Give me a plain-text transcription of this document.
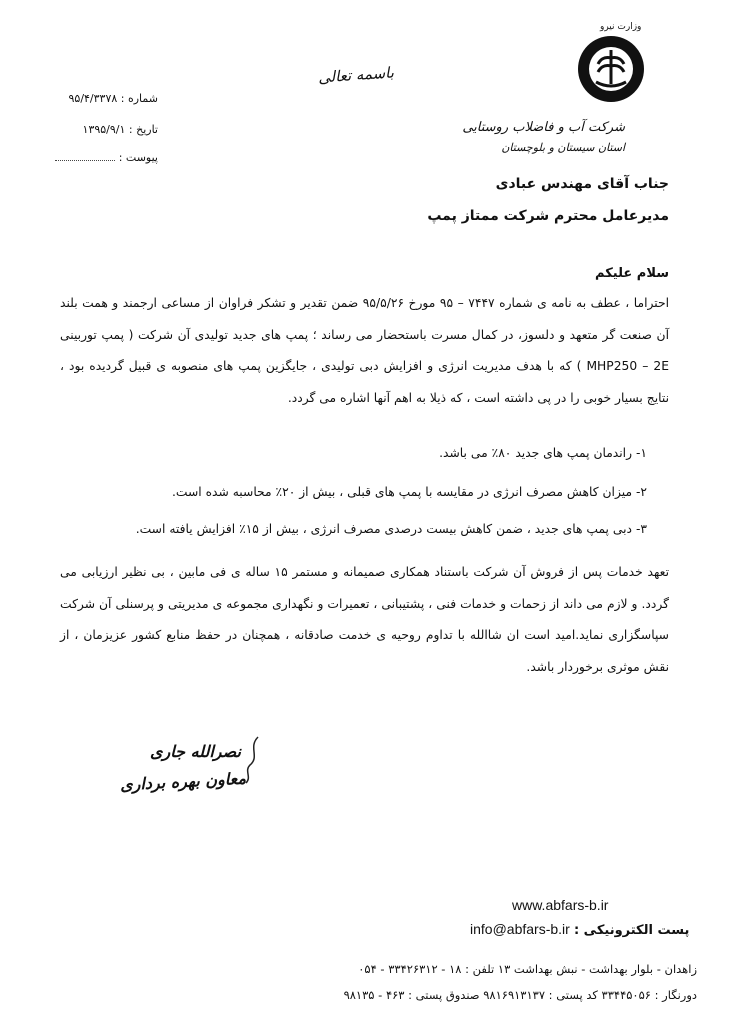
وزارت نیرو
شرکت آب و فاضلاب روستایی
استان سیستان و بلوچستان
باسمه تعالی
شماره : ۹۵/۴/۳۳۷۸
تاریخ : ۱۳۹۵/۹/۱
پیوست :
جناب آقای مهندس عبادی
مدیرعامل محترم شرکت ممتاز پمپ
سلام علیکم
احتراما ، عطف به نامه ی شماره ۷۴۴۷ – ۹۵ مورخ ۹۵/۵/۲۶ ضمن تقدیر و تشکر فراوان از مساعی ارجمند و همت بلند آن صنعت گر متعهد و دلسوز، در کمال مسرت باستحضار می رساند ؛ پمپ های جدید تولیدی آن شرکت ( پمپ توربینی MHP250 – 2E ) که با هدف مدیریت انرژی و افزایش دبی تولیدی ، جایگزین پمپ های منصوبه ی قبیل گردیده بود ، نتایج بسیار خوبی را در پی داشته است ، که ذیلا به اهم آنها اشاره می گردد.
۱- راندمان پمپ های جدید ۸۰٪ می باشد.
۲- میزان کاهش مصرف انرژی در مقایسه با پمپ های قبلی ، بیش از ۲۰٪ محاسبه شده است.
۳- دبی پمپ های جدید ، ضمن کاهش بیست درصدی مصرف انرژی ، بیش از ۱۵٪ افزایش یافته است.
تعهد خدمات پس از فروش آن شرکت باستناد همکاری صمیمانه و مستمر ۱۵ ساله ی فی مابین ، بی نظیر ارزیابی می گردد. و لازم می داند از زحمات و خدمات فنی ، پشتیبانی ، تعمیرات و نگهداری مجموعه ی مدیریتی و پرسنلی آن شرکت سپاسگزاری نماید.امید است ان شاالله با تداوم روحیه ی خدمت صادقانه ، همچنان در حفظ منابع کشور عزیزمان ، از نقش موثری برخوردار باشد.
نصرالله جاری
معاون بهره برداری
www.abfars-b.ir
پست الکترونیکی : info@abfars-b.ir
زاهدان - بلوار بهداشت - نبش بهداشت ۱۳ تلفن : ۱۸ - ۳۳۴۲۶۳۱۲ - ۰۵۴
دورنگار : ۳۳۴۴۵۰۵۶ کد پستی : ۹۸۱۶۹۱۳۱۳۷ صندوق پستی : ۴۶۳ - ۹۸۱۳۵
